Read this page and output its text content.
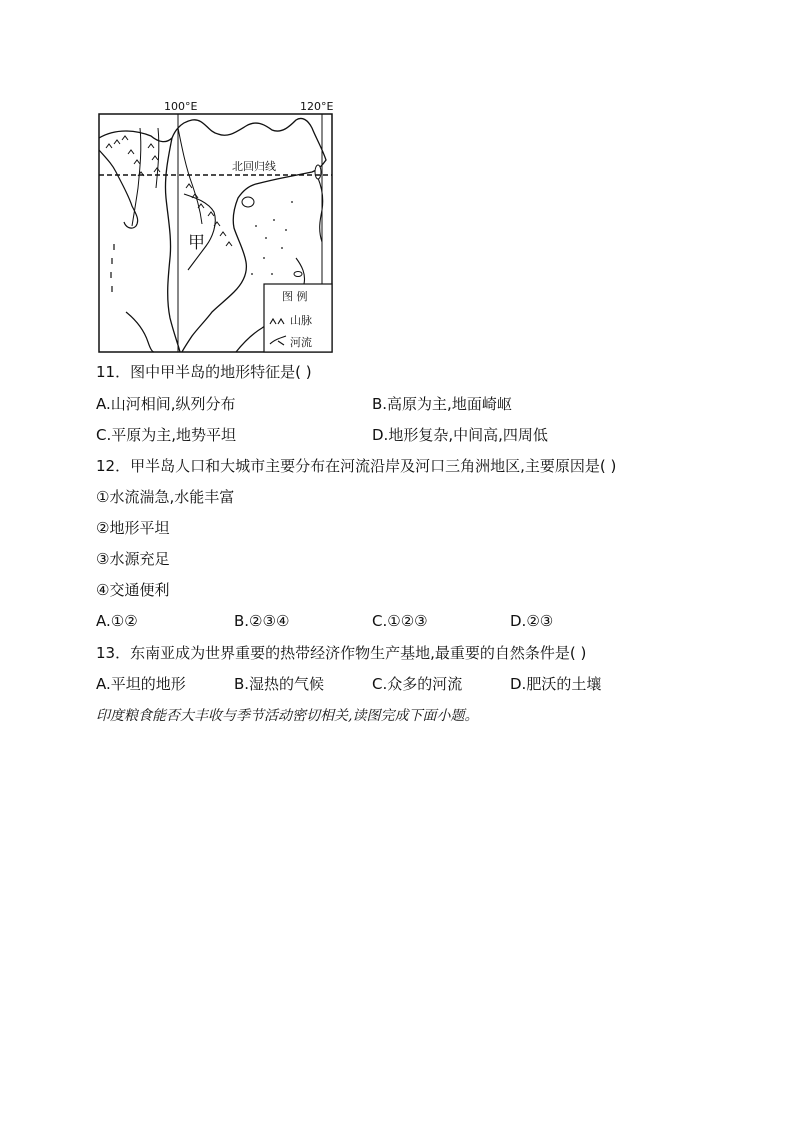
100°E	120°E
北回归线
甲
图 例
山脉
河流
11．图中甲半岛的地形特征是( )
A.山河相间,纵列分布	B.高原为主,地面崎岖
C.平原为主,地势平坦	D.地形复杂,中间高,四周低
12．甲半岛人口和大城市主要分布在河流沿岸及河口三角洲地区,主要原因是( )
①水流湍急,水能丰富
②地形平坦
③水源充足
④交通便利
A.①②	B.②③④	C.①②③	D.②③
13．东南亚成为世界重要的热带经济作物生产基地,最重要的自然条件是( )
A.平坦的地形	B.湿热的气候	C.众多的河流	D.肥沃的土壤
印度粮食能否大丰收与季节活动密切相关,读图完成下面小题。
